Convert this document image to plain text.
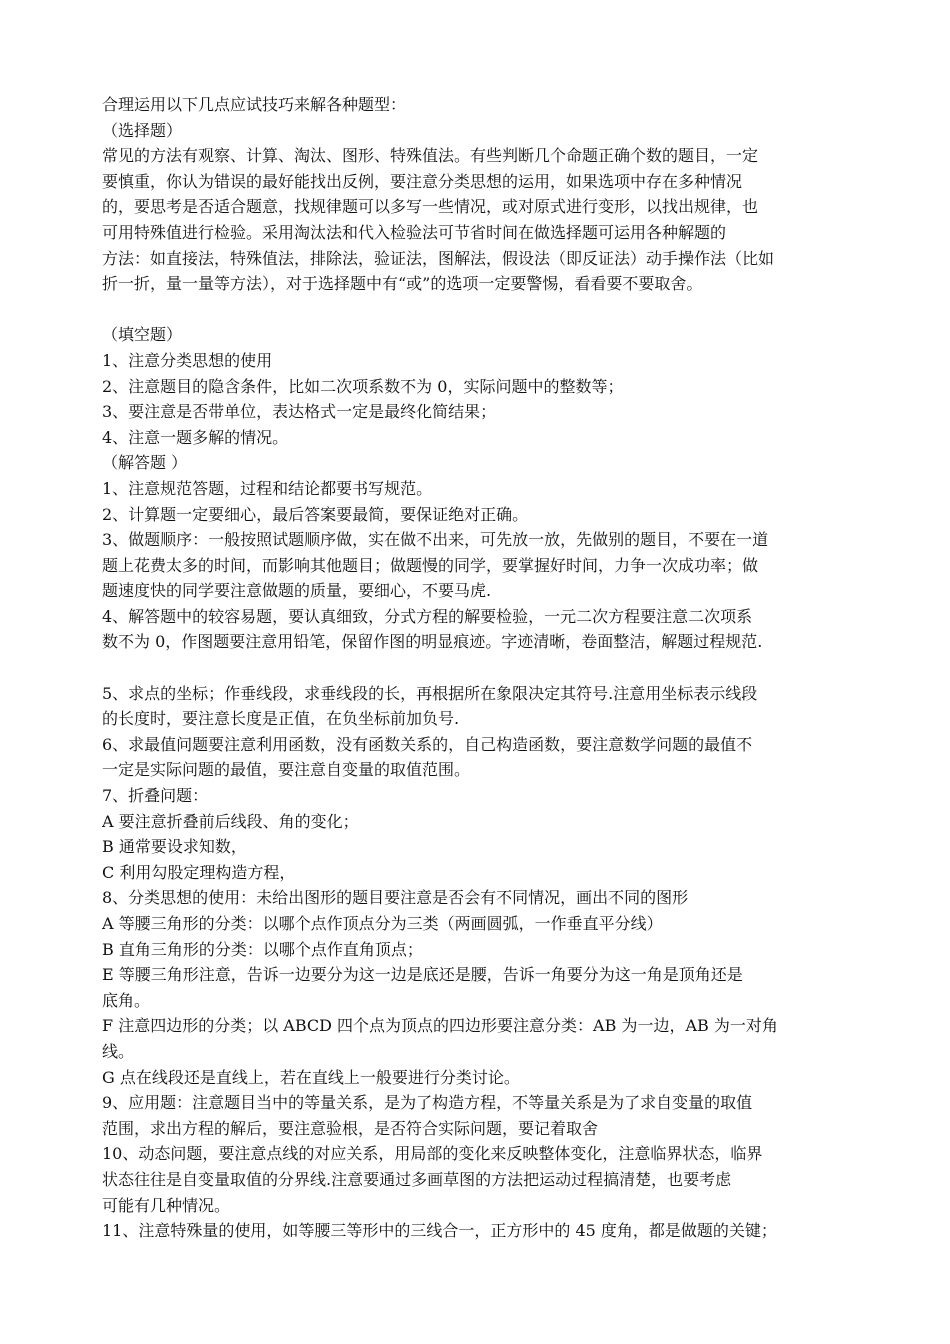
合理运用以下几点应试技巧来解各种题型：
（选择题）
常见的方法有观察、计算、淘汰、图形、特殊值法。有些判断几个命题正确个数的题目，一定
要慎重，你认为错误的最好能找出反例，要注意分类思想的运用，如果选项中存在多种情况
的，要思考是否适合题意，找规律题可以多写一些情况，或对原式进行变形，以找出规律，也
可用特殊值进行检验。采用淘汰法和代入检验法可节省时间在做选择题可运用各种解题的
方法：如直接法，特殊值法，排除法，验证法，图解法，假设法（即反证法）动手操作法（比如
折一折，量一量等方法），对于选择题中有“或”的选项一定要警惕，看看要不要取舍。
（填空题）
1、注意分类思想的使用
2、注意题目的隐含条件，比如二次项系数不为 0，实际问题中的整数等；
3、要注意是否带单位，表达格式一定是最终化简结果；
4、注意一题多解的情况。
（解答题 ）
1、注意规范答题，过程和结论都要书写规范。
2、计算题一定要细心，最后答案要最简，要保证绝对正确。
3、做题顺序：一般按照试题顺序做，实在做不出来，可先放一放，先做别的题目，不要在一道
题上花费太多的时间，而影响其他题目；做题慢的同学，要掌握好时间，力争一次成功率；做
题速度快的同学要注意做题的质量，要细心，不要马虎.
4、解答题中的较容易题，要认真细致，分式方程的解要检验，一元二次方程要注意二次项系
数不为 0，作图题要注意用铅笔，保留作图的明显痕迹。字迹清晰，卷面整洁，解题过程规范.
5、求点的坐标；作垂线段，求垂线段的长，再根据所在象限决定其符号.注意用坐标表示线段
的长度时，要注意长度是正值，在负坐标前加负号.
6、求最值问题要注意利用函数，没有函数关系的，自己构造函数，要注意数学问题的最值不
一定是实际问题的最值，要注意自变量的取值范围。
7、折叠问题：
A 要注意折叠前后线段、角的变化；
B 通常要设求知数，
C 利用勾股定理构造方程，
8、分类思想的使用：未给出图形的题目要注意是否会有不同情况，画出不同的图形
A 等腰三角形的分类：以哪个点作顶点分为三类（两画圆弧，一作垂直平分线）
B 直角三角形的分类：以哪个点作直角顶点；
E 等腰三角形注意，告诉一边要分为这一边是底还是腰，告诉一角要分为这一角是顶角还是
底角。
F 注意四边形的分类；以 ABCD 四个点为顶点的四边形要注意分类：AB 为一边，AB 为一对角
线。
G 点在线段还是直线上，若在直线上一般要进行分类讨论。
9、应用题：注意题目当中的等量关系，是为了构造方程，不等量关系是为了求自变量的取值
范围，求出方程的解后，要注意验根，是否符合实际问题，要记着取舍
10、动态问题，要注意点线的对应关系，用局部的变化来反映整体变化，注意临界状态，临界
状态往往是自变量取值的分界线.注意要通过多画草图的方法把运动过程搞清楚，也要考虑
可能有几种情况。
11、注意特殊量的使用，如等腰三等形中的三线合一，正方形中的 45 度角，都是做题的关键；
